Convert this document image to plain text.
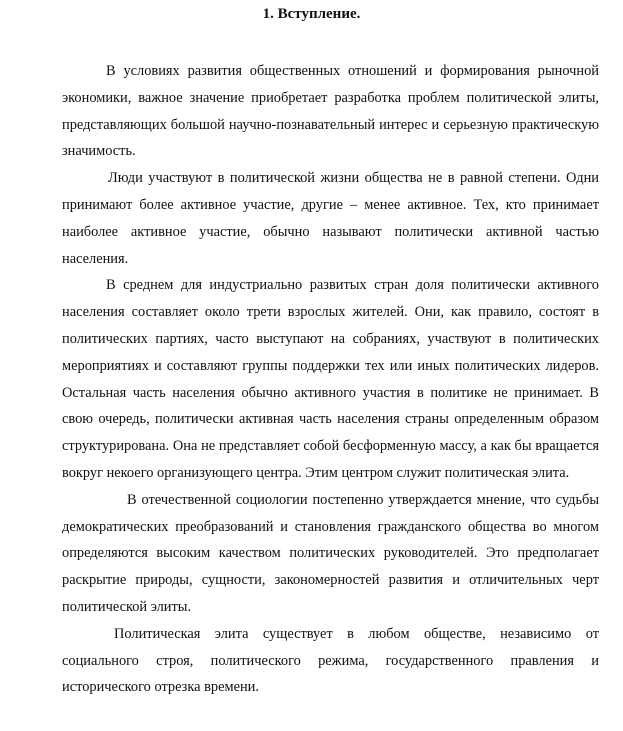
1. Вступление.

В условиях развития общественных отношений и формирования рыночной экономики, важное значение приобретает разработка проблем политической элиты, представляющих большой научно-познавательный интерес и серьезную практическую значимость.

Люди участвуют в политической жизни общества не в равной степени. Одни принимают более активное участие, другие – менее активное. Тех, кто принимает наиболее активное участие, обычно называют политически активной частью населения.

В среднем для индустриально развитых стран доля политически активного населения составляет около трети взрослых жителей. Они, как правило, состоят в политических партиях, часто выступают на собраниях, участвуют в политических мероприятиях и составляют группы поддержки тех или иных политических лидеров. Остальная часть населения обычно активного участия в политике не принимает. В свою очередь, политически активная часть населения страны определенным образом структурирована. Она не представляет собой бесформенную массу, а как бы вращается вокруг некоего организующего центра. Этим центром служит политическая элита.

В отечественной социологии постепенно утверждается мнение, что судьбы демократических преобразований и становления гражданского общества во многом определяются высоким качеством политических руководителей. Это предполагает раскрытие природы, сущности, закономерностей развития и отличительных черт политической элиты.

Политическая элита существует в любом обществе, независимо от социального строя, политического режима, государственного правления и исторического отрезка времени.
